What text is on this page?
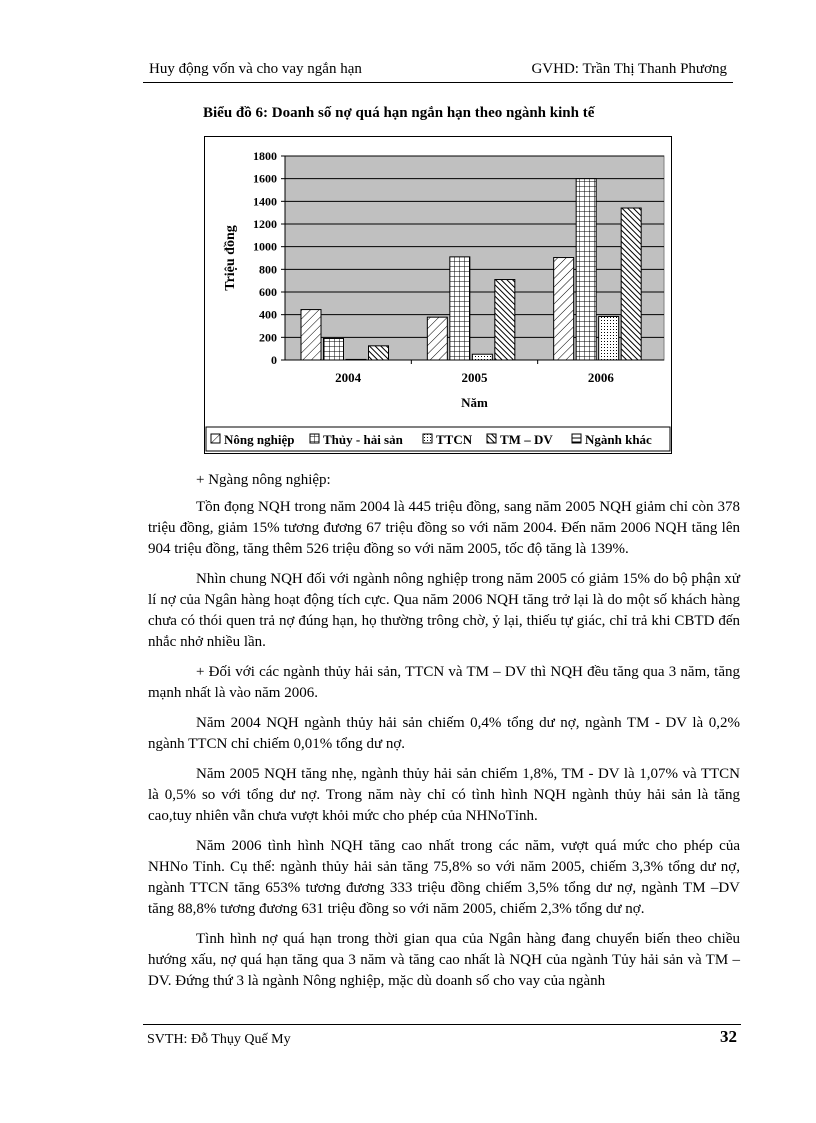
Huy động vốn và cho vay ngắn hạn	GVHD: Trần Thị Thanh Phương
Biểu đồ 6: Doanh số nợ quá hạn ngắn hạn theo ngành kinh tế
0
200
400
600
800
1000
1200
1400
1600
1800
2004	2005	2006
Triệu đồng
Năm
Nông nghiệp Thủy - hải sản	TTCN TM – DV Ngành khác

+ Ngàng nông nghiệp:

Tồn đọng NQH trong năm 2004 là 445 triệu đồng, sang năm 2005 NQH giảm chỉ còn 378 triệu đồng, giảm 15% tương đương 67 triệu đồng so với năm 2004. Đến năm 2006 NQH tăng lên 904 triệu đồng, tăng thêm 526 triệu đồng so với năm 2005, tốc độ tăng là 139%.

Nhìn chung NQH đối với ngành nông nghiệp trong năm 2005 có giảm 15% do bộ phận xử lí nợ của Ngân hàng hoạt động tích cực. Qua năm 2006 NQH tăng trở lại là do một số khách hàng chưa có thói quen trả nợ đúng hạn, họ thường trông chờ, ỷ lại, thiếu tự giác, chỉ trả khi CBTD đến nhắc nhở nhiều lần.

+ Đối với các ngành thủy hải sản, TTCN và TM – DV thì NQH đều tăng qua 3 năm, tăng mạnh nhất là vào năm 2006.

Năm 2004 NQH ngành thủy hải sản chiếm 0,4% tổng dư nợ, ngành TM - DV là 0,2% ngành TTCN chỉ chiếm 0,01% tổng dư nợ.

Năm 2005 NQH tăng nhẹ, ngành thủy hải sản chiếm 1,8%, TM - DV là 1,07% và TTCN là 0,5% so với tổng dư nợ. Trong năm này chỉ có tình hình NQH ngành thủy hải sản là tăng cao,tuy nhiên vẫn chưa vượt khỏi mức cho phép của NHNoTỉnh.

Năm 2006 tình hình NQH tăng cao nhất trong các năm, vượt quá mức cho phép của NHNo Tỉnh. Cụ thể: ngành thủy hải sản tăng 75,8% so với năm 2005, chiếm 3,3% tổng dư nợ, ngành TTCN tăng 653% tương đương 333 triệu đồng chiếm 3,5% tổng dư nợ, ngành TM –DV tăng 88,8% tương đương 631 triệu đồng so với năm 2005, chiếm 2,3% tổng dư nợ.

Tình hình nợ quá hạn trong thời gian qua của Ngân hàng đang chuyển biến theo chiều hướng xấu, nợ quá hạn tăng qua 3 năm và tăng cao nhất là NQH của ngành Tủy hải sản và TM – DV. Đứng thứ 3 là ngành Nông nghiệp, mặc dù doanh số cho vay của ngành

SVTH: Đỗ Thụy Quế My	32
